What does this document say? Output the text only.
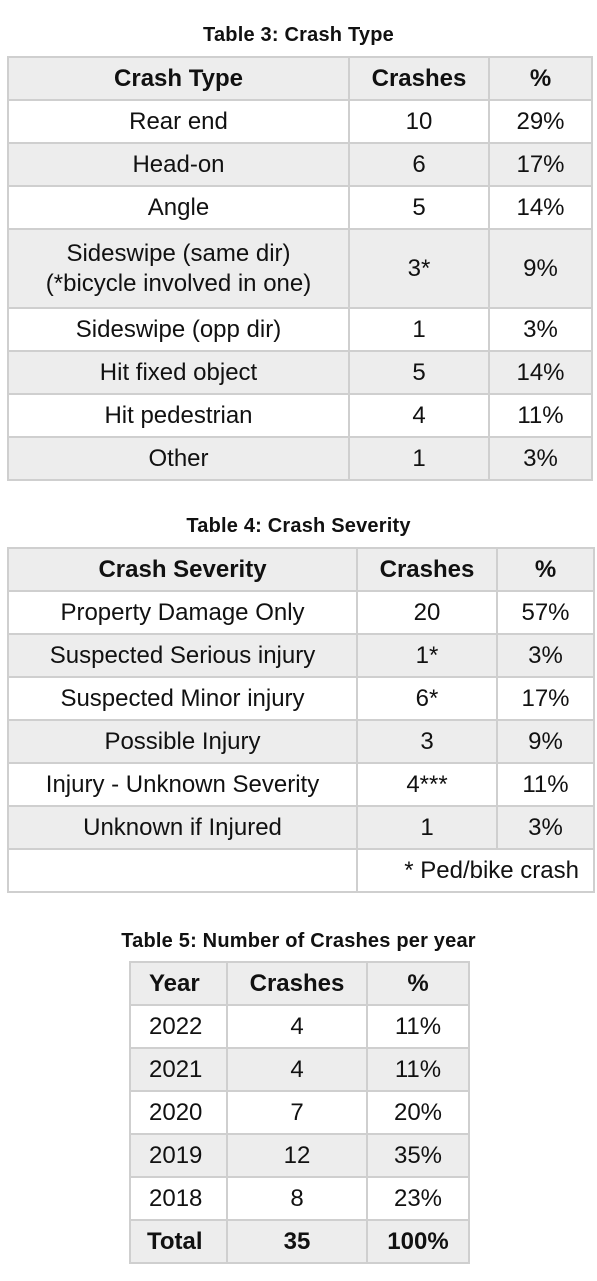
Table 3: Crash Type
Crash Type	Crashes	%
Rear end	10	29%
Head-on	6	17%
Angle	5	14%

Sideswipe (same dir)
(*bicycle involved in one)	3*	9%
Sideswipe (opp dir)	1	3%
Hit fixed object	5	14%
Hit pedestrian	4	11%
Other	1	3%
Table 4: Crash Severity
Crash Severity	Crashes	%
Property Damage Only	20	57%
Suspected Serious injury	1*	3%
Suspected Minor injury	6*	17%
Possible Injury	3	9%
Injury - Unknown Severity	4***	11%
Unknown if Injured	1	3%
	* Ped/bike crash	
Table 5: Number of Crashes per year
Year	Crashes	%
2022	4	11%
2021	4	11%
2020	7	20%
2019	12	35%
2018	8	23%
Total	35	100%
